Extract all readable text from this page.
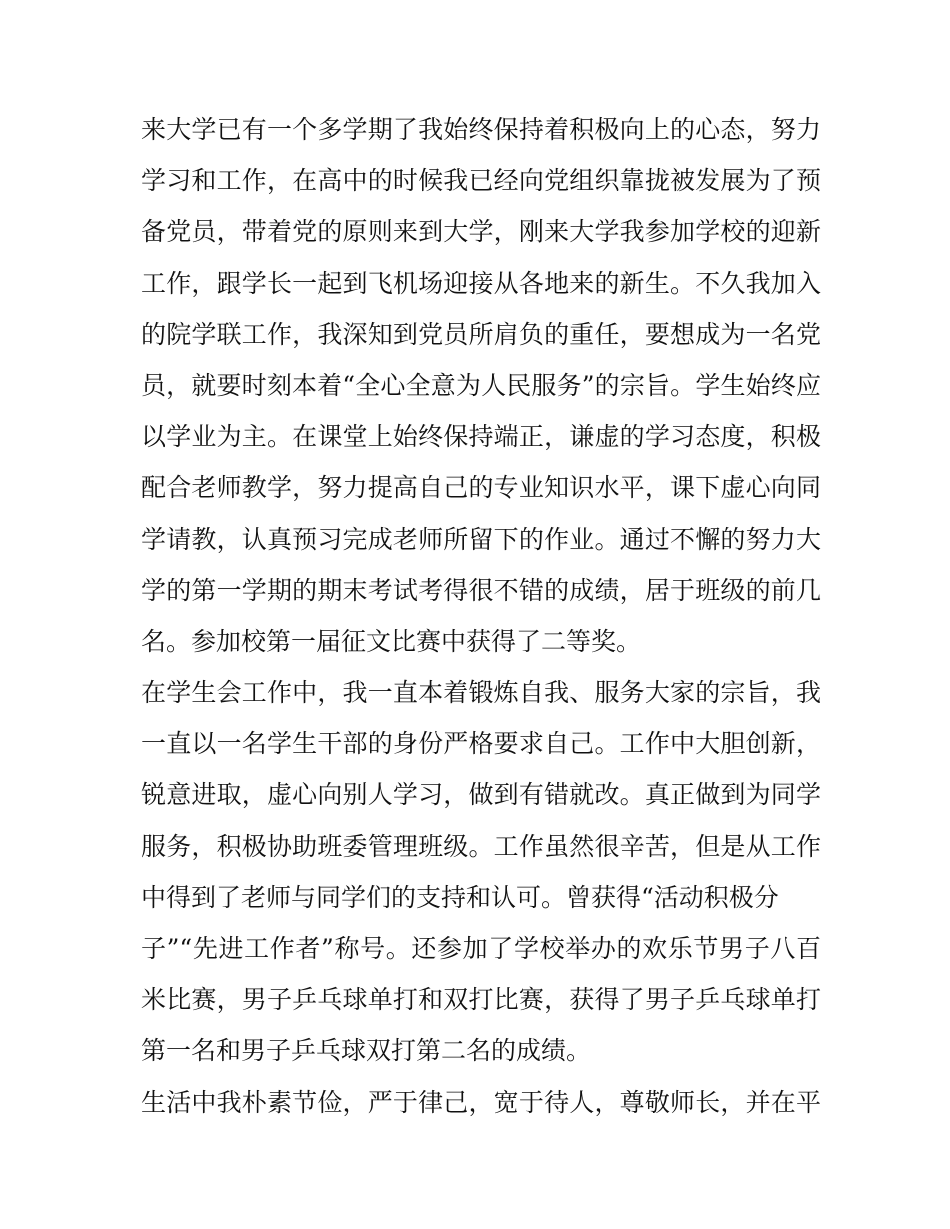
来大学已有一个多学期了我始终保持着积极向上的心态，努力
学习和工作，在高中的时候我已经向党组织靠拢被发展为了预
备党员，带着党的原则来到大学，刚来大学我参加学校的迎新
工作，跟学长一起到飞机场迎接从各地来的新生。不久我加入
的院学联工作，我深知到党员所肩负的重任，要想成为一名党
员，就要时刻本着“全心全意为人民服务”的宗旨。学生始终应
以学业为主。在课堂上始终保持端正，谦虚的学习态度，积极
配合老师教学，努力提高自己的专业知识水平，课下虚心向同
学请教，认真预习完成老师所留下的作业。通过不懈的努力大
学的第一学期的期末考试考得很不错的成绩，居于班级的前几
名。参加校第一届征文比赛中获得了二等奖。
在学生会工作中，我一直本着锻炼自我、服务大家的宗旨，我
一直以一名学生干部的身份严格要求自己。工作中大胆创新，
锐意进取，虚心向别人学习，做到有错就改。真正做到为同学
服务，积极协助班委管理班级。工作虽然很辛苦，但是从工作
中得到了老师与同学们的支持和认可。曾获得“活动积极分
子”“先进工作者”称号。还参加了学校举办的欢乐节男子八百
米比赛，男子乒乓球单打和双打比赛，获得了男子乒乓球单打
第一名和男子乒乓球双打第二名的成绩。
生活中我朴素节俭，严于律己，宽于待人，尊敬师长，并在平
